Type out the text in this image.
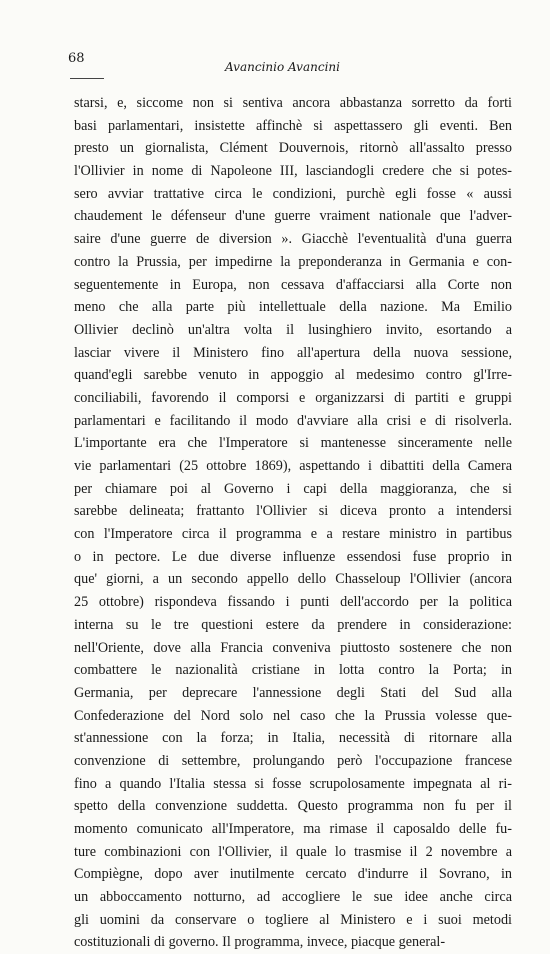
68
Avancinio Avancini
starsi, e, siccome non si sentiva ancora abbastanza sorretto da forti
basi parlamentari, insistette affinchè si aspettassero gli eventi. Ben
presto un giornalista, Clément Douvernois, ritornò all'assalto presso
l'Ollivier in nome di Napoleone III, lasciandogli credere che si potes-
sero avviar trattative circa le condizioni, purchè egli fosse « aussi
chaudement le défenseur d'une guerre vraiment nationale que l'adver-
saire d'une guerre de diversion ». Giacchè l'eventualità d'una guerra
contro la Prussia, per impedirne la preponderanza in Germania e con-
seguentemente in Europa, non cessava d'affacciarsi alla Corte non
meno che alla parte più intellettuale della nazione. Ma Emilio
Ollivier declinò un'altra volta il lusinghiero invito, esortando a
lasciar vivere il Ministero fino all'apertura della nuova sessione,
quand'egli sarebbe venuto in appoggio al medesimo contro gl'Irre-
conciliabili, favorendo il comporsi e organizzarsi di partiti e gruppi
parlamentari e facilitando il modo d'avviare alla crisi e di risolverla.
L'importante era che l'Imperatore si mantenesse sinceramente nelle
vie parlamentari (25 ottobre 1869), aspettando i dibattiti della Camera
per chiamare poi al Governo i capi della maggioranza, che si
sarebbe delineata; frattanto l'Ollivier si diceva pronto a intendersi
con l'Imperatore circa il programma e a restare ministro in partibus
o in pectore. Le due diverse influenze essendosi fuse proprio in
que' giorni, a un secondo appello dello Chasseloup l'Ollivier (ancora
25 ottobre) rispondeva fissando i punti dell'accordo per la politica
interna su le tre questioni estere da prendere in considerazione:
nell'Oriente, dove alla Francia conveniva piuttosto sostenere che non
combattere le nazionalità cristiane in lotta contro la Porta; in
Germania, per deprecare l'annessione degli Stati del Sud alla
Confederazione del Nord solo nel caso che la Prussia volesse que-
st'annessione con la forza; in Italia, necessità di ritornare alla
convenzione di settembre, prolungando però l'occupazione francese
fino a quando l'Italia stessa si fosse scrupolosamente impegnata al ri-
spetto della convenzione suddetta. Questo programma non fu per il
momento comunicato all'Imperatore, ma rimase il caposaldo delle fu-
ture combinazioni con l'Ollivier, il quale lo trasmise il 2 novembre a
Compiègne, dopo aver inutilmente cercato d'indurre il Sovrano, in
un abboccamento notturno, ad accogliere le sue idee anche circa
gli uomini da conservare o togliere al Ministero e i suoi metodi
costituzionali di governo. Il programma, invece, piacque general-
